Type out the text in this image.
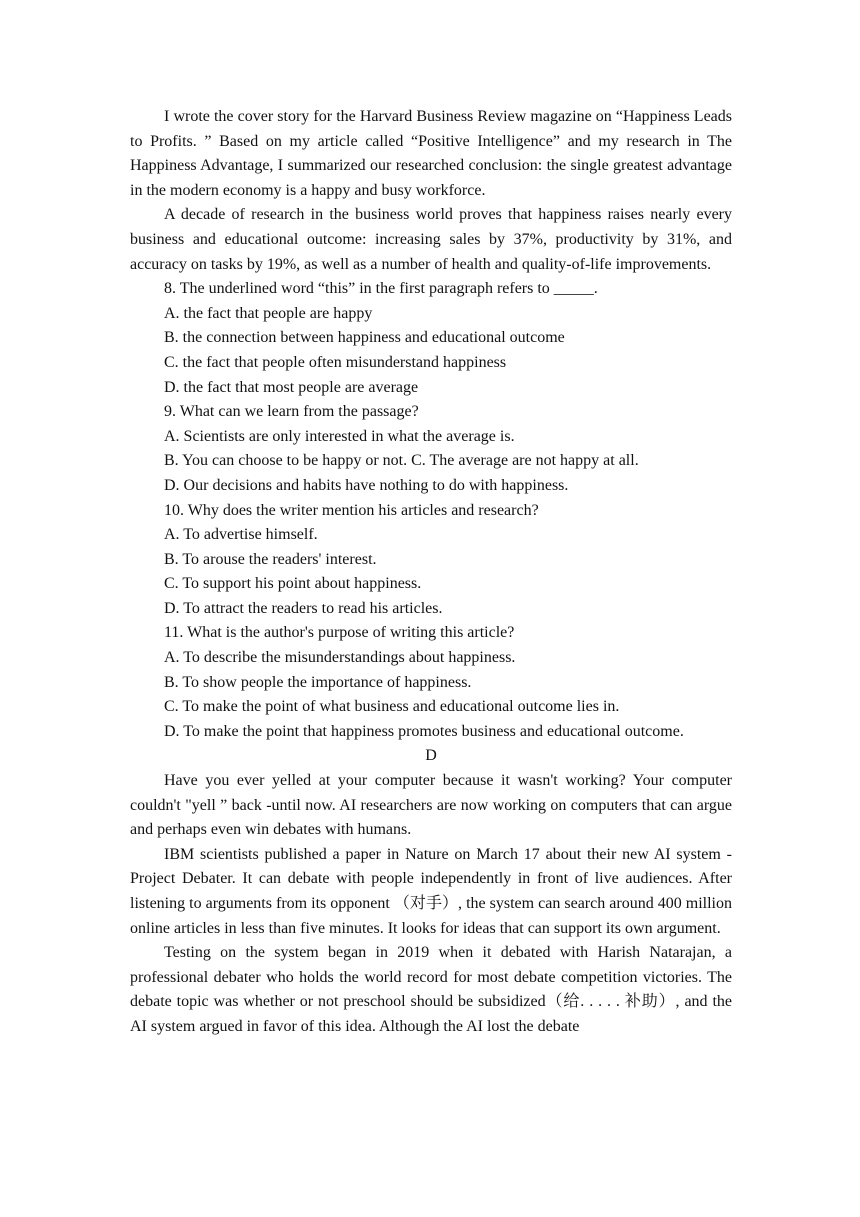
I wrote the cover story for the Harvard Business Review magazine on “Happiness Leads to Profits. ” Based on my article called “Positive Intelligence” and my research in The Happiness Advantage, I summarized our researched conclusion: the single greatest advantage in the modern economy is a happy and busy workforce.

A decade of research in the business world proves that happiness raises nearly every business and educational outcome: increasing sales by 37%, productivity by 31%, and accuracy on tasks by 19%, as well as a number of health and quality-of-life improvements.

8. The underlined word “this” in the first paragraph refers to _____.

A. the fact that people are happy

B. the connection between happiness and educational outcome

C. the fact that people often misunderstand happiness

D. the fact that most people are average

9. What can we learn from the passage?

A. Scientists are only interested in what the average is.

B. You can choose to be happy or not. C. The average are not happy at all.

D. Our decisions and habits have nothing to do with happiness.

10. Why does the writer mention his articles and research?

A. To advertise himself.

B. To arouse the readers' interest.

C. To support his point about happiness.

D. To attract the readers to read his articles.

11. What is the author's purpose of writing this article?

A. To describe the misunderstandings about happiness.

B. To show people the importance of happiness.

C. To make the point of what business and educational outcome lies in.

D. To make the point that happiness promotes business and educational outcome.

D

Have you ever yelled at your computer because it wasn't working? Your computer couldn't "yell ” back -until now. AI researchers are now working on computers that can argue and perhaps even win debates with humans.

IBM scientists published a paper in Nature on March 17 about their new AI system - Project Debater. It can debate with people independently in front of live audiences. After listening to arguments from its opponent （对手）, the system can search around 400 million online articles in less than five minutes. It looks for ideas that can support its own argument.

Testing on the system began in 2019 when it debated with Harish Natarajan, a professional debater who holds the world record for most debate competition victories. The debate topic was whether or not preschool should be subsidized（给. . . . . 补助）, and the AI system argued in favor of this idea. Although the AI lost the debate
